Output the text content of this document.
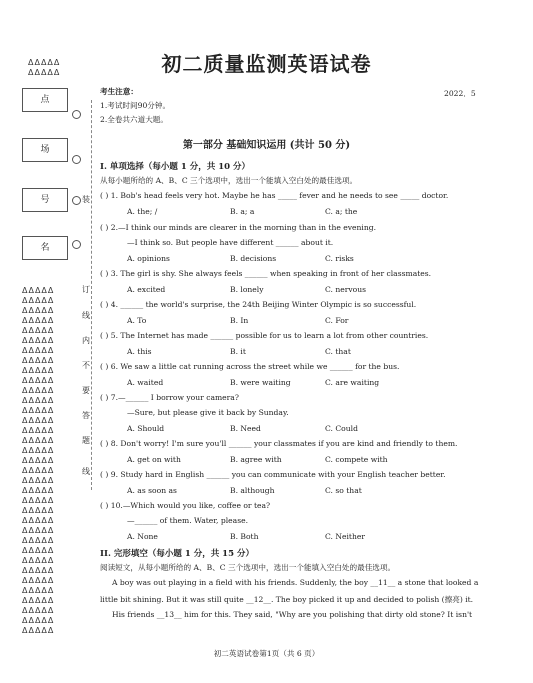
ΔΔΔΔΔ
ΔΔΔΔΔ
点
场
号
名
装
订
线
内
不
要
答
题
线
ΔΔΔΔΔ
ΔΔΔΔΔ
ΔΔΔΔΔ
ΔΔΔΔΔ
ΔΔΔΔΔ
ΔΔΔΔΔ
ΔΔΔΔΔ
ΔΔΔΔΔ
ΔΔΔΔΔ
ΔΔΔΔΔ
ΔΔΔΔΔ
ΔΔΔΔΔ
ΔΔΔΔΔ
ΔΔΔΔΔ
ΔΔΔΔΔ
ΔΔΔΔΔ
ΔΔΔΔΔ
ΔΔΔΔΔ
ΔΔΔΔΔ
ΔΔΔΔΔ
ΔΔΔΔΔ
ΔΔΔΔΔ
ΔΔΔΔΔ
ΔΔΔΔΔ
ΔΔΔΔΔ
ΔΔΔΔΔ
ΔΔΔΔΔ
ΔΔΔΔΔ
ΔΔΔΔΔ
ΔΔΔΔΔ
ΔΔΔΔΔ
ΔΔΔΔΔ
ΔΔΔΔΔ
ΔΔΔΔΔ
ΔΔΔΔΔ
初二质量监测英语试卷
考生注意：	2022．5
1.考试时间90分钟。
2.全卷共六道大题。
第一部分 基础知识运用 (共计 50 分)
I. 单项选择（每小题 1 分，共 10 分）
从每小题所给的 A、B、C 三个选项中，选出一个能填入空白处的最佳选项。
( ) 1. Bob's head feels very hot. Maybe he has _____ fever and he needs to see _____ doctor.
A. the; /	B. a; a	C. a; the
( ) 2.—I think our minds are clearer in the morning than in the evening.
—I think so. But people have different ______ about it.
A. opinions	B. decisions	C. risks
( ) 3. The girl is shy. She always feels ______ when speaking in front of her classmates.
A. excited	B. lonely	C. nervous
( ) 4. ______ the world's surprise, the 24th Beijing Winter Olympic is so successful.
A. To	B. In	C. For
( ) 5. The Internet has made ______ possible for us to learn a lot from other countries.
A. this	B. it	C. that
( ) 6. We saw a little cat running across the street while we ______ for the bus.
A. waited	B. were waiting	C. are waiting
( ) 7.—______ I borrow your camera?
—Sure, but please give it back by Sunday.
A. Should	B. Need	C. Could
( ) 8. Don't worry! I'm sure you'll ______ your classmates if you are kind and friendly to them.
A. get on with	B. agree with	C. compete with
( ) 9. Study hard in English ______ you can communicate with your English teacher better.
A. as soon as	B. although	C. so that
( ) 10.—Which would you like, coffee or tea?
—______ of them. Water, please.
A. None	B. Both	C. Neither
II. 完形填空（每小题 1 分，共 15 分）
阅读短文，从每小题所给的 A、B、C 三个选项中，选出一个能填入空白处的最佳选项。
A boy was out playing in a field with his friends. Suddenly, the boy __11__ a stone that looked a
little bit shining. But it was still quite __12__. The boy picked it up and decided to polish (擦亮) it.
His friends __13__ him for this. They said, "Why are you polishing that dirty old stone? It isn't
初二英语试卷第1页（共 6 页）
